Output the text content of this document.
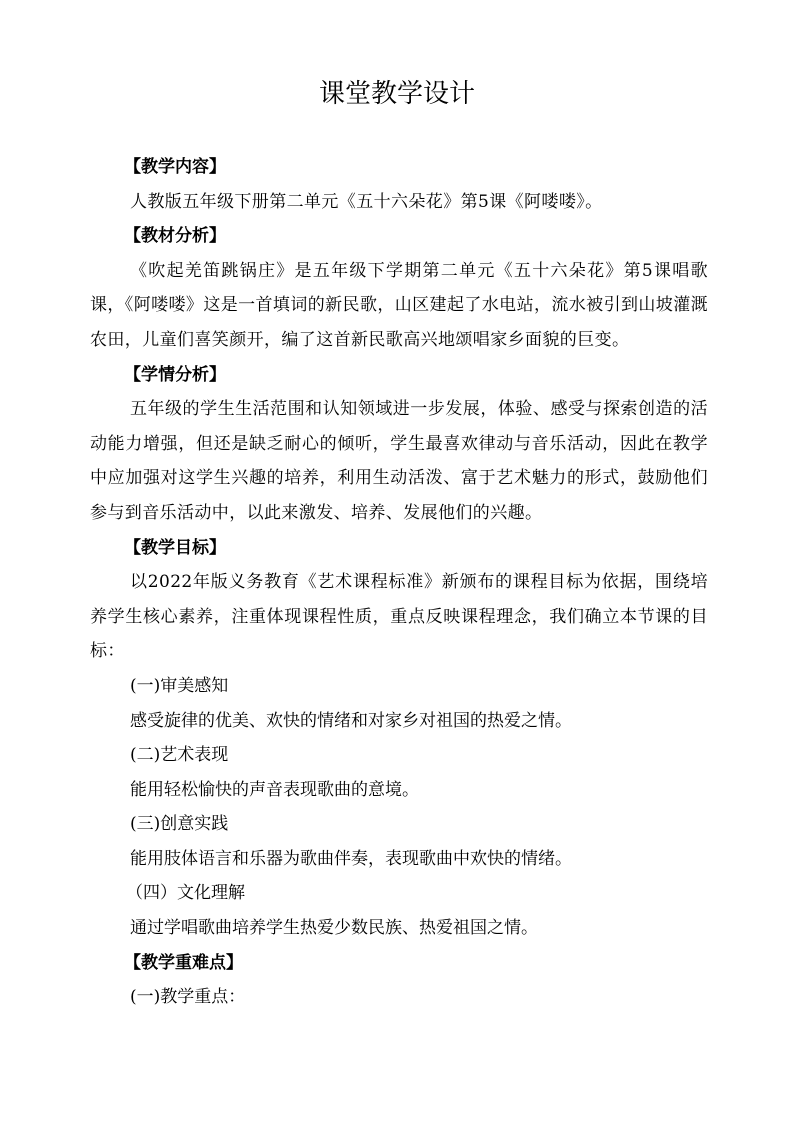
课堂教学设计

【教学内容】

人教版五年级下册第二单元《五十六朵花》第5课《阿喽喽》。

【教材分析】

《吹起羌笛跳锅庄》是五年级下学期第二单元《五十六朵花》第5课唱歌课，《阿喽喽》这是一首填词的新民歌，山区建起了水电站，流水被引到山坡灌溉农田，儿童们喜笑颜开，编了这首新民歌高兴地颂唱家乡面貌的巨变。

【学情分析】

五年级的学生生活范围和认知领域进一步发展，体验、感受与探索创造的活动能力增强，但还是缺乏耐心的倾听，学生最喜欢律动与音乐活动，因此在教学中应加强对这学生兴趣的培养，利用生动活泼、富于艺术魅力的形式，鼓励他们参与到音乐活动中，以此来激发、培养、发展他们的兴趣。

【教学目标】

以2022年版义务教育《艺术课程标准》新颁布的课程目标为依据，围绕培养学生核心素养，注重体现课程性质，重点反映课程理念，我们确立本节课的目标：

(一)审美感知

感受旋律的优美、欢快的情绪和对家乡对祖国的热爱之情。

(二)艺术表现

能用轻松愉快的声音表现歌曲的意境。

(三)创意实践

能用肢体语言和乐器为歌曲伴奏，表现歌曲中欢快的情绪。

（四）文化理解

通过学唱歌曲培养学生热爱少数民族、热爱祖国之情。

【教学重难点】

(一)教学重点：
